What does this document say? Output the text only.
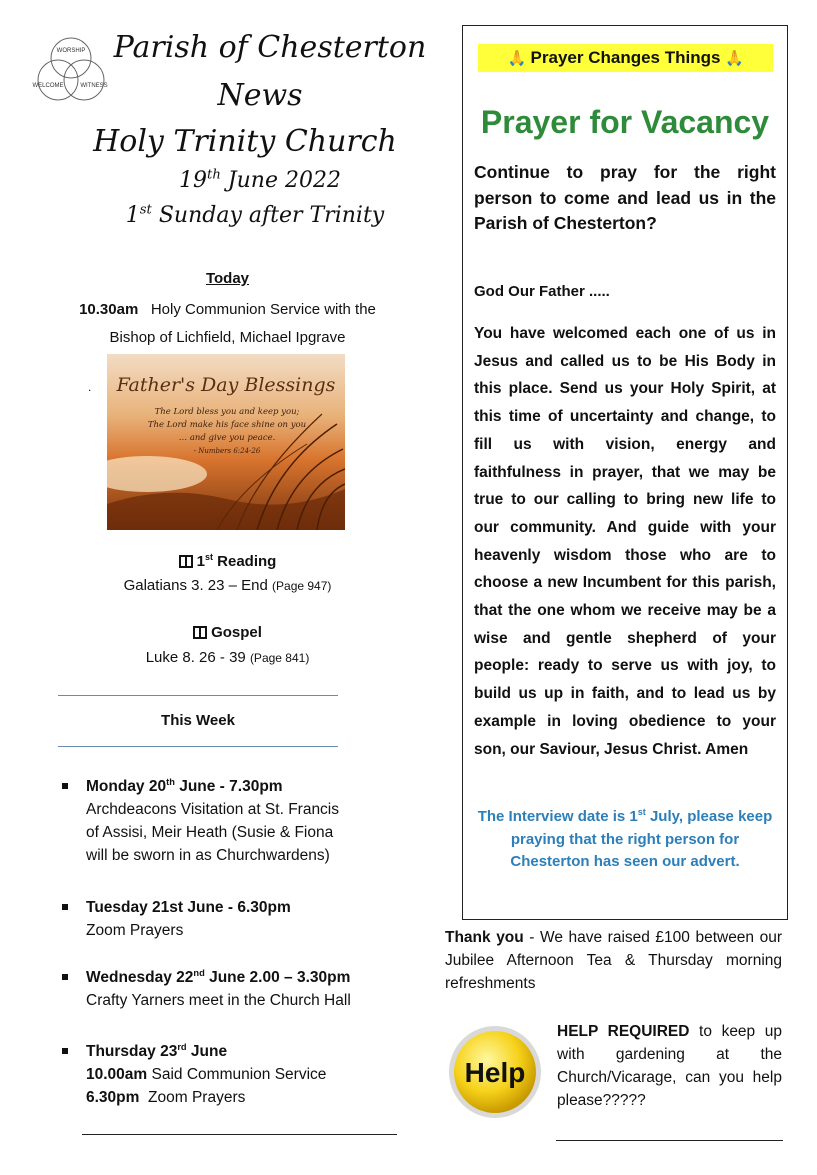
WORSHIP
WELCOME	WITNESS
Parish of Chesterton
News
Holy Trinity Church
19th June 2022
1st Sunday after Trinity
Today
10.30am Holy Communion Service with the
Bishop of Lichfield, Michael Ipgrave
.	Father's Day Blessings
The Lord bless you and keep you;
The Lord make his face shine on you
… and give you peace.
- Numbers 6:24-26
1st Reading
Galatians 3. 23 – End (Page 947)
Gospel
Luke 8. 26 - 39 (Page 841)
This Week
Monday 20th June - 7.30pm
Archdeacons Visitation at St. Francis
of Assisi, Meir Heath (Susie & Fiona
will be sworn in as Churchwardens)
Tuesday 21st June - 6.30pm
Zoom Prayers
Wednesday 22nd June 2.00 – 3.30pm
Crafty Yarners meet in the Church Hall
Thursday 23rd June
10.00am Said Communion Service
6.30pm  Zoom Prayers
🙏 Prayer Changes Things 🙏
Prayer for Vacancy
Continue to pray for the right person to come and lead us in the Parish of Chesterton?
God Our Father .....
You have welcomed each one of us in Jesus and called us to be His Body in this place. Send us your Holy Spirit, at this time of uncertainty and change, to fill us with vision, energy and faithfulness in prayer, that we may be true to our calling to bring new life to our community. And guide with your heavenly wisdom those who are to choose a new Incumbent for this parish, that the one whom we receive may be a wise and gentle shepherd of your people: ready to serve us with joy, to build us up in faith, and to lead us by example in loving obedience to your son, our Saviour, Jesus Christ. Amen
The Interview date is 1st July, please keep praying that the right person for Chesterton has seen our advert.
Thank you - We have raised £100 between our Jubilee Afternoon Tea & Thursday morning refreshments
Help
HELP REQUIRED to keep up with gardening at the Church/Vicarage, can you help please?????
